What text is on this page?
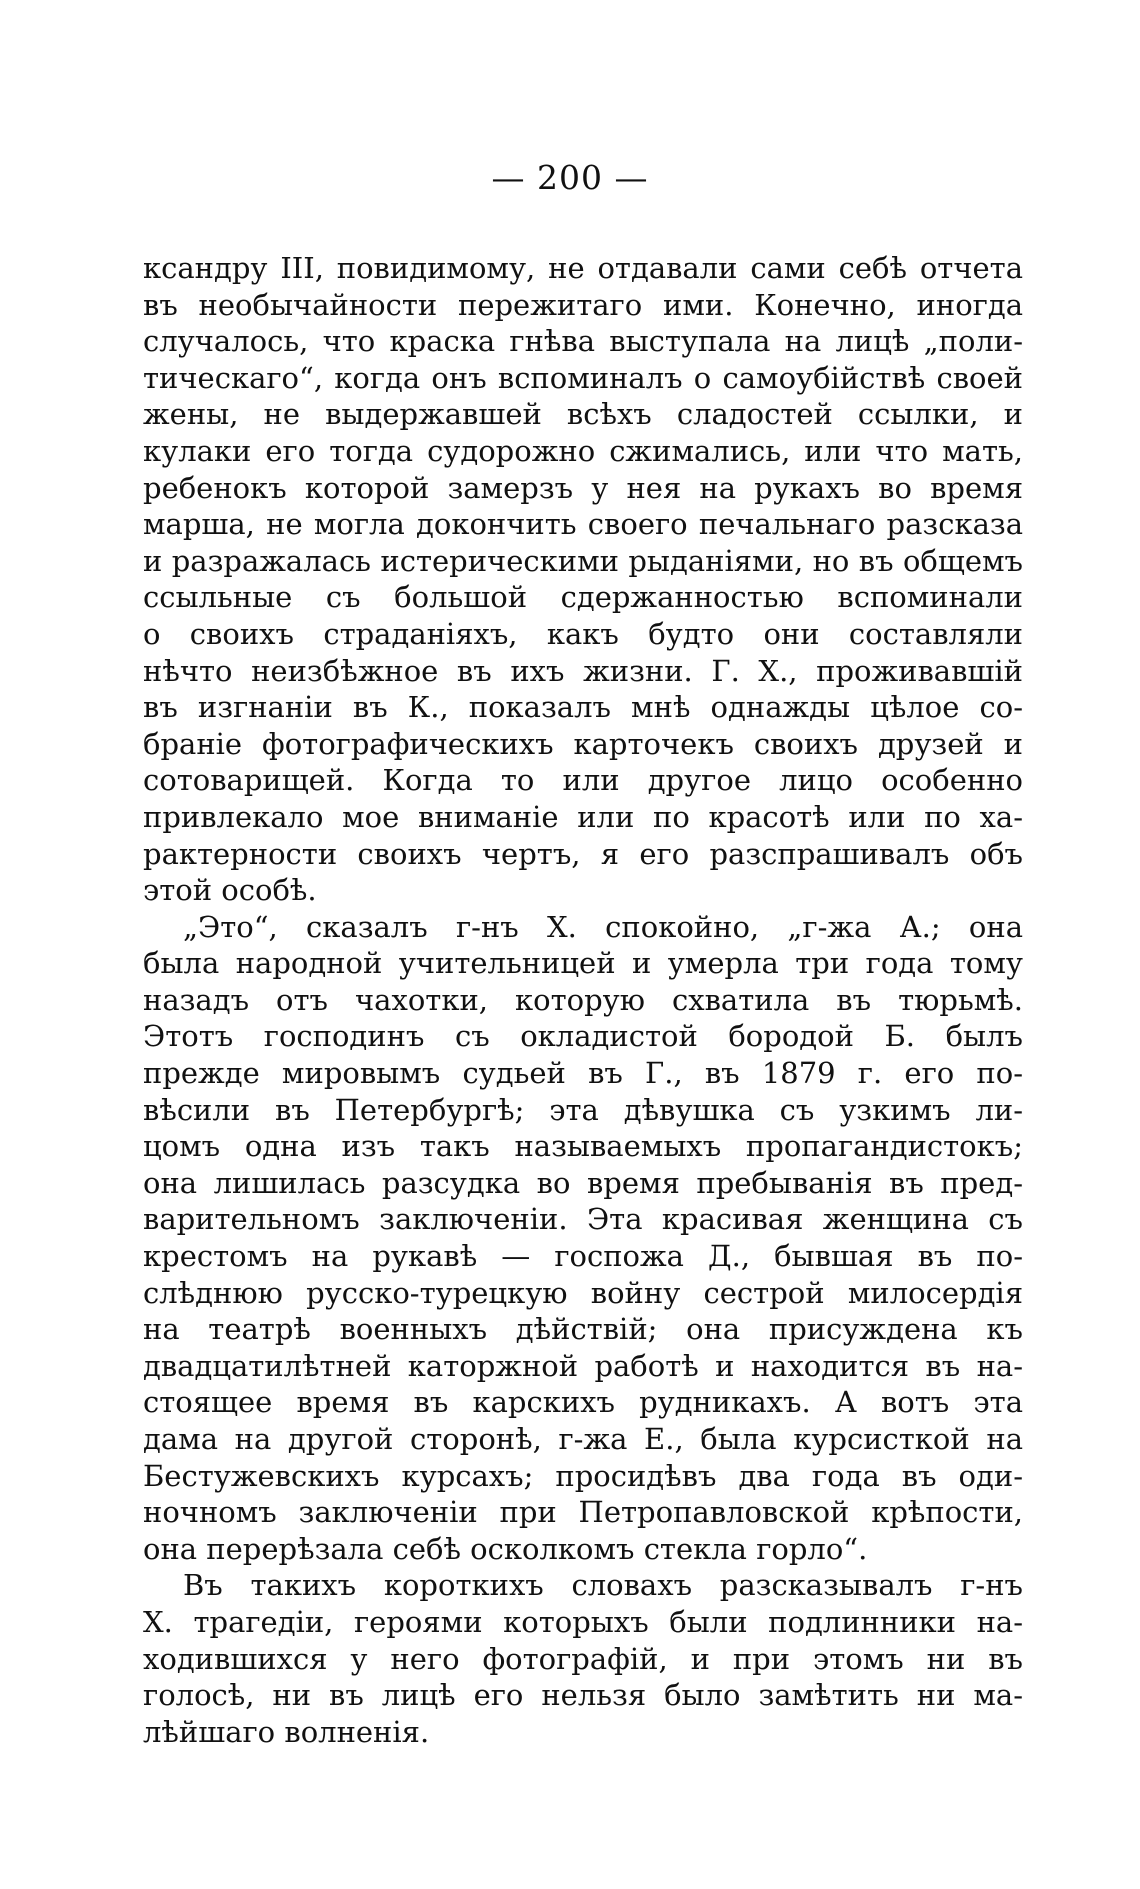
— 200 —
ксандру III, повидимому, не отдавали сами себѣ отчета
въ необычайности пережитаго ими. Конечно, иногда
случалось, что краска гнѣва выступала на лицѣ „поли-
тическаго“, когда онъ вспоминалъ о самоубійствѣ своей
жены, не выдержавшей всѣхъ сладостей ссылки, и
кулаки его тогда судорожно сжимались, или что мать,
ребенокъ которой замерзъ у нея на рукахъ во время
марша, не могла докончить своего печальнаго разсказа
и разражалась истерическими рыданіями, но въ общемъ
ссыльные съ большой сдержанностью вспоминали
о своихъ страданіяхъ, какъ будто они составляли
нѣчто неизбѣжное въ ихъ жизни. Г. Х., проживавшій
въ изгнаніи въ К., показалъ мнѣ однажды цѣлое со-
браніе фотографическихъ карточекъ своихъ друзей и
сотоварищей. Когда то или другое лицо особенно
привлекало мое вниманіе или по красотѣ или по ха-
рактерности своихъ чертъ, я его разспрашивалъ объ
этой особѣ.
„Это“, сказалъ г-нъ Х. спокойно, „г-жа А.; она
была народной учительницей и умерла три года тому
назадъ отъ чахотки, которую схватила въ тюрьмѣ.
Этотъ господинъ съ окладистой бородой Б. былъ
прежде мировымъ судьей въ Г., въ 1879 г. его по-
вѣсили въ Петербургѣ; эта дѣвушка съ узкимъ ли-
цомъ одна изъ такъ называемыхъ пропагандистокъ;
она лишилась разсудка во время пребыванія въ пред-
варительномъ заключеніи. Эта красивая женщина съ
крестомъ на рукавѣ — госпожа Д., бывшая въ по-
слѣднюю русско-турецкую войну сестрой милосердія
на театрѣ военныхъ дѣйствій; она присуждена къ
двадцатилѣтней каторжной работѣ и находится въ на-
стоящее время въ карскихъ рудникахъ. А вотъ эта
дама на другой сторонѣ, г-жа Е., была курсисткой на
Бестужевскихъ курсахъ; просидѣвъ два года въ оди-
ночномъ заключеніи при Петропавловской крѣпости,
она перерѣзала себѣ осколкомъ стекла горло“.
Въ такихъ короткихъ словахъ разсказывалъ г-нъ
Х. трагедіи, героями которыхъ были подлинники на-
ходившихся у него фотографій, и при этомъ ни въ
голосѣ, ни въ лицѣ его нельзя было замѣтить ни ма-
лѣйшаго волненія.
